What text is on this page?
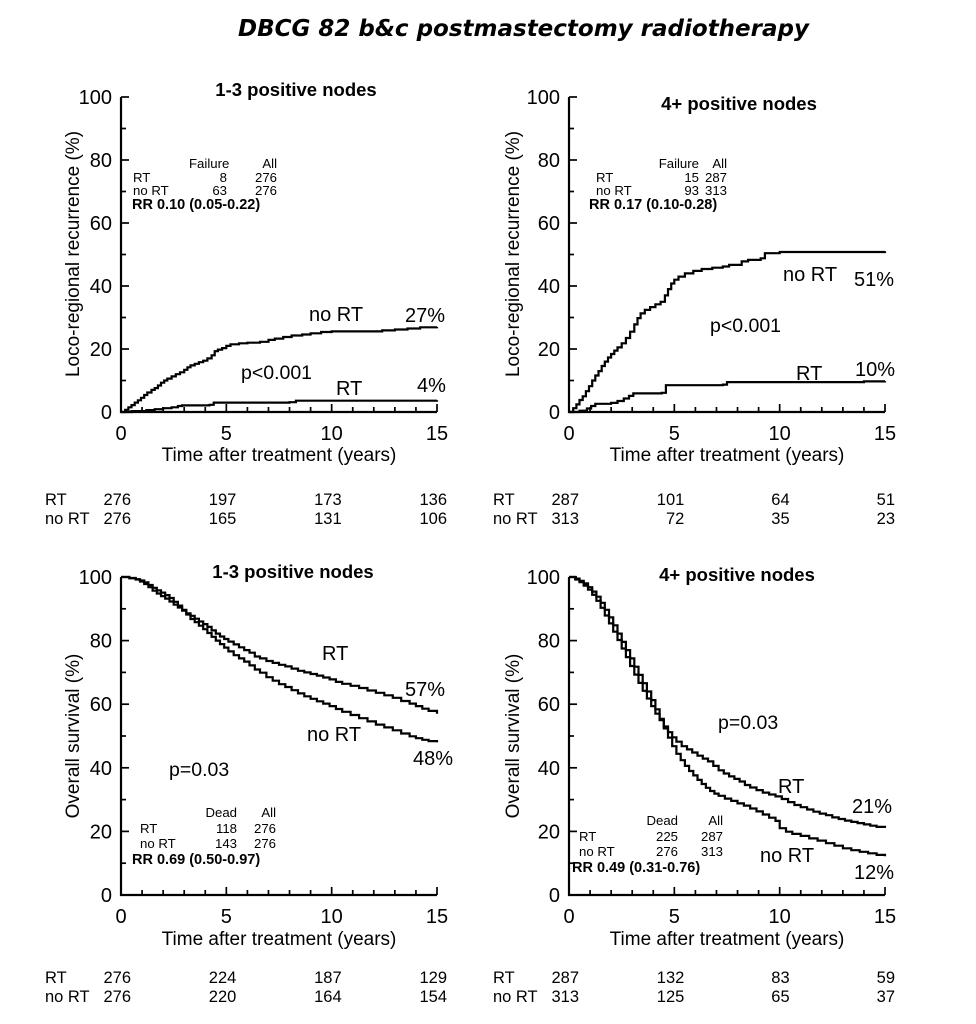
0	5	10	15
0
20
40
60
80
100
0	5	10	15
0
20
40
60
80
100
0	5	10	15
0
20
40
60
80
100
0	5	10	15
0
20
40
60
80
100
DBCG 82 b&c postmastectomy radiotherapy
1-3 positive nodes
Loco-regional recurrence (%)
Time after treatment (years)
Failure	All
RT	8 276
no RT	63 276
RR 0.10 (0.05-0.22)
p<0.001
no RT 27%
RT	4%
4+ positive nodes
Loco-regional recurrence (%)
Time after treatment (years)
Failure All
RT	15 287
no RT	93 313
RR 0.17 (0.10-0.28)
p<0.001
no RT 51%
RT 10%
1-3 positive nodes
Overall survival (%)
Time after treatment (years)
Dead All
RT	118 276
no RT	143 276
RR 0.69 (0.50-0.97)
p=0.03
RT
57%
no RT
48%
4+ positive nodes
Overall survival (%)
Time after treatment (years)
Dead All
RT	225 287
no RT	276 313
RR 0.49 (0.31-0.76)
p=0.03
RT
21%
no RT
12%
RT	276	197	173	136
no RT 276	165	131	106
RT	287	101	64	51
no RT 313	72	35	23
RT	276	224	187	129
no RT 276	220	164	154
RT	287	132	83	59
no RT 313	125	65	37
